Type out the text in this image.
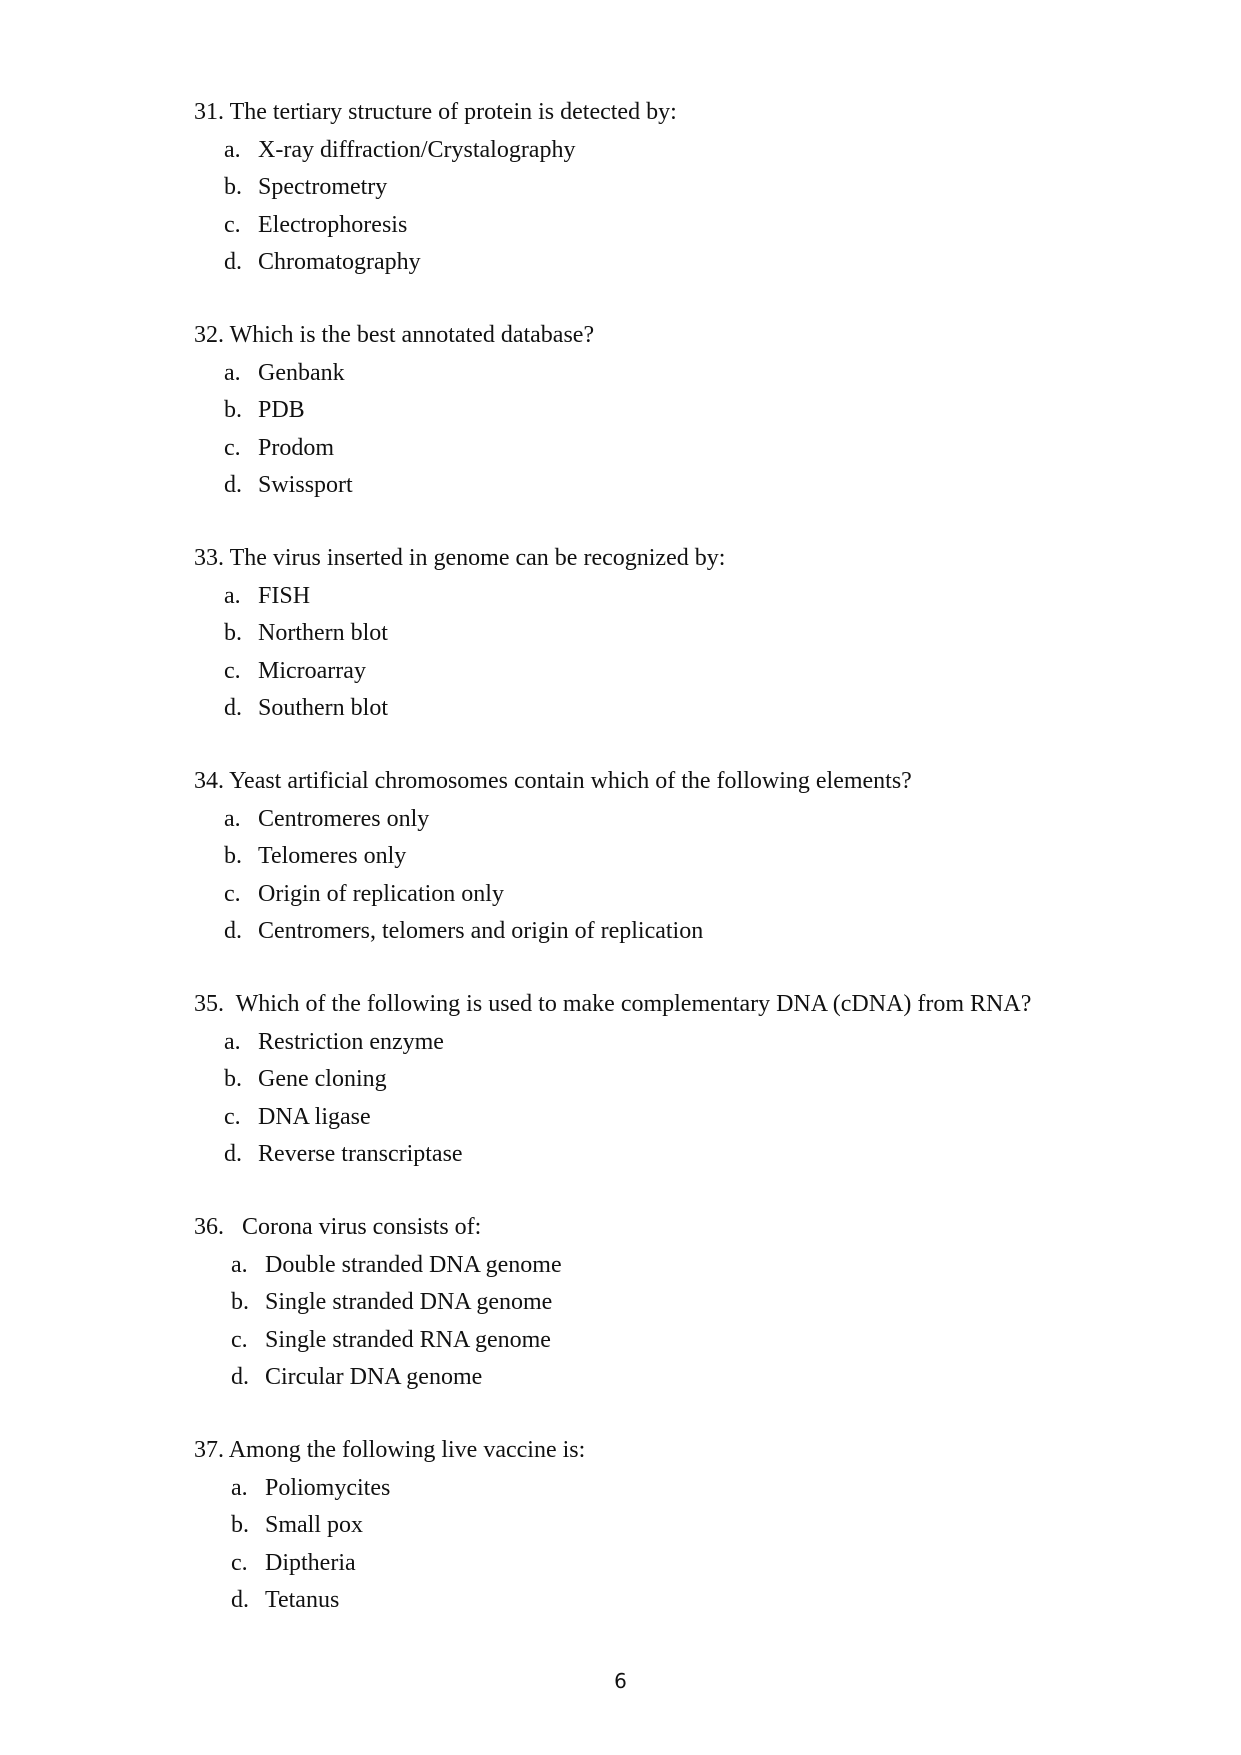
31. The tertiary structure of protein is detected by:
a. X-ray diffraction/Crystalography
b. Spectrometry
c. Electrophoresis
d. Chromatography
32. Which is the best annotated database?
a. Genbank
b. PDB
c. Prodom
d. Swissport
33. The virus inserted in genome can be recognized by:
a. FISH
b. Northern blot
c. Microarray
d. Southern blot
34. Yeast artificial chromosomes contain which of the following elements?
a. Centromeres only
b. Telomeres only
c. Origin of replication only
d. Centromers, telomers and origin of replication
35.  Which of the following is used to make complementary DNA (cDNA) from RNA?
a. Restriction enzyme
b. Gene cloning
c. DNA ligase
d. Reverse transcriptase
36.   Corona virus consists of:
a. Double stranded DNA genome
b. Single stranded DNA genome
c. Single stranded RNA genome
d. Circular DNA genome
37. Among the following live vaccine is:
a. Poliomycites
b. Small pox
c. Diptheria
d. Tetanus
6
